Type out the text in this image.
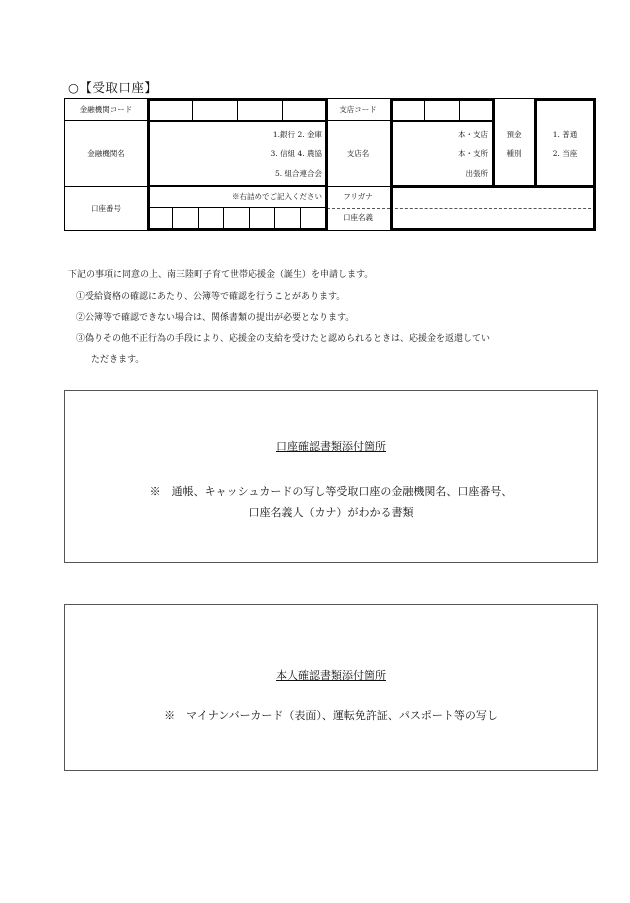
○【受取口座】
金融機関コード
金融機関名
1.銀行 2. 金庫
3. 信組 4. 農協
5. 組合連合会
支店コード
支店名
本・支店
本・支所
出張所
預金
種別
1. 普通
2. 当座
口座番号
※右詰めでご記入ください	フリガナ
口座名義
下記の事項に同意の上、南三陸町子育て世帯応援金（誕生）を申請します。
①受給資格の確認にあたり、公簿等で確認を行うことがあります。
②公簿等で確認できない場合は、関係書類の提出が必要となります。
③偽りその他不正行為の手段により、応援金の支給を受けたと認められるときは、応援金を返還してい
ただきます。
口座確認書類添付箇所
※　通帳、キャッシュカードの写し等受取口座の金融機関名、口座番号、
口座名義人（カナ）がわかる書類
本人確認書類添付箇所
※　マイナンバーカード（表面）、運転免許証、パスポート等の写し
